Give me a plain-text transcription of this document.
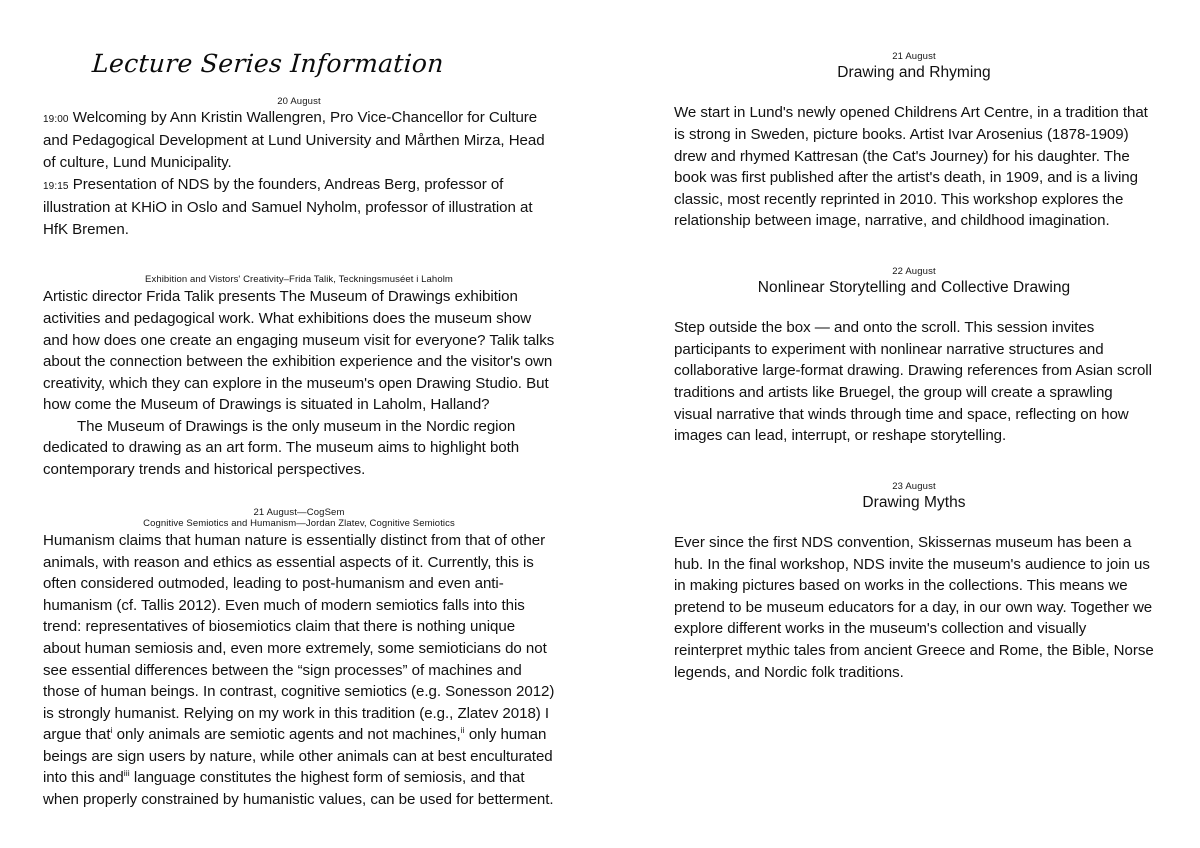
Lecture Series Information
20 August

19:00 Welcoming by Ann Kristin Wallengren, Pro Vice-Chancellor for Culture and Pedagogical Development at Lund University and Mårthen Mirza, Head of culture, Lund Municipality.

19:15 Presentation of NDS by the founders, Andreas Berg, professor of illustration at KHiO in Oslo and Samuel Nyholm, professor of illustration at HfK Bremen.

Exhibition and Vistors' Creativity–Frida Talik, Teckningsmuséet i Laholm

Artistic director Frida Talik presents The Museum of Drawings exhibition activities and pedagogical work. What exhibitions does the museum show and how does one create an engaging museum visit for everyone? Talik talks about the connection between the exhibition experience and the visitor's own creativity, which they can explore in the museum's open Drawing Studio. But how come the Museum of Drawings is situated in Laholm, Halland?

The Museum of Drawings is the only museum in the Nordic region dedicated to drawing as an art form. The museum aims to highlight both contemporary trends and historical perspectives.

21 August—CogSem
Cognitive Semiotics and Humanism—Jordan Zlatev, Cognitive Semiotics

Humanism claims that human nature is essentially distinct from that of other animals, with reason and ethics as essential aspects of it. Currently, this is often considered outmoded, leading to post-humanism and even anti-humanism (cf. Tallis 2012). Even much of modern semiotics falls into this trend: representatives of biosemiotics claim that there is nothing unique about human semiosis and, even more extremely, some semioticians do not see essential differences between the “sign processes” of machines and those of human beings. In contrast, cognitive semiotics (e.g. Sonesson 2012) is strongly humanist. Relying on my work in this tradition (e.g., Zlatev 2018) I argue that$^i$ only animals are semiotic agents and not machines,$^{ii}$ only human beings are sign users by nature, while other animals can at best enculturated into this and$^{iii}$ language constitutes the highest form of semiosis, and that when properly constrained by humanistic values, can be used for betterment.

21 August
Drawing and Rhyming

We start in Lund's newly opened Childrens Art Centre, in a tradition that is strong in Sweden, picture books. Artist Ivar Arosenius (1878-1909) drew and rhymed Kattresan (the Cat's Journey) for his daughter. The book was first published after the artist's death, in 1909, and is a living classic, most recently reprinted in 2010. This workshop explores the relationship between image, narrative, and childhood imagination.

22 August
Nonlinear Storytelling and Collective Drawing

Step outside the box — and onto the scroll. This session invites participants to experiment with nonlinear narrative structures and collaborative large-format drawing. Drawing references from Asian scroll traditions and artists like Bruegel, the group will create a sprawling visual narrative that winds through time and space, reflecting on how images can lead, interrupt, or reshape storytelling.

23 August
Drawing Myths

Ever since the first NDS convention, Skissernas museum has been a hub. In the final workshop, NDS invite the museum's audience to join us in making pictures based on works in the collections. This means we pretend to be museum educators for a day, in our own way. Together we explore different works in the museum's collection and visually reinterpret mythic tales from ancient Greece and Rome, the Bible, Norse legends, and Nordic folk traditions.
